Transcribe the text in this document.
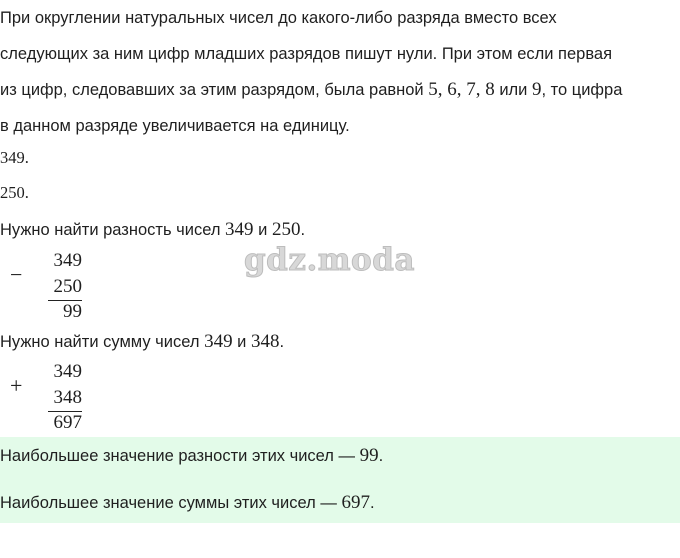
При округлении натуральных чисел до какого-либо разряда вместо всех
следующих за ним цифр младших разрядов пишут нули. При этом если первая
из цифр, следовавших за этим разрядом, была равной 5, 6, 7, 8 или 9, то цифра
в данном разряде увеличивается на единицу.
349.
250.
Нужно найти разность чисел 349 и 250.
−
349
250
99
gdz.moda
Нужно найти сумму чисел 349 и 348.
+
349
348
697
Наибольшее значение разности этих чисел — 99.
Наибольшее значение суммы этих чисел — 697.
